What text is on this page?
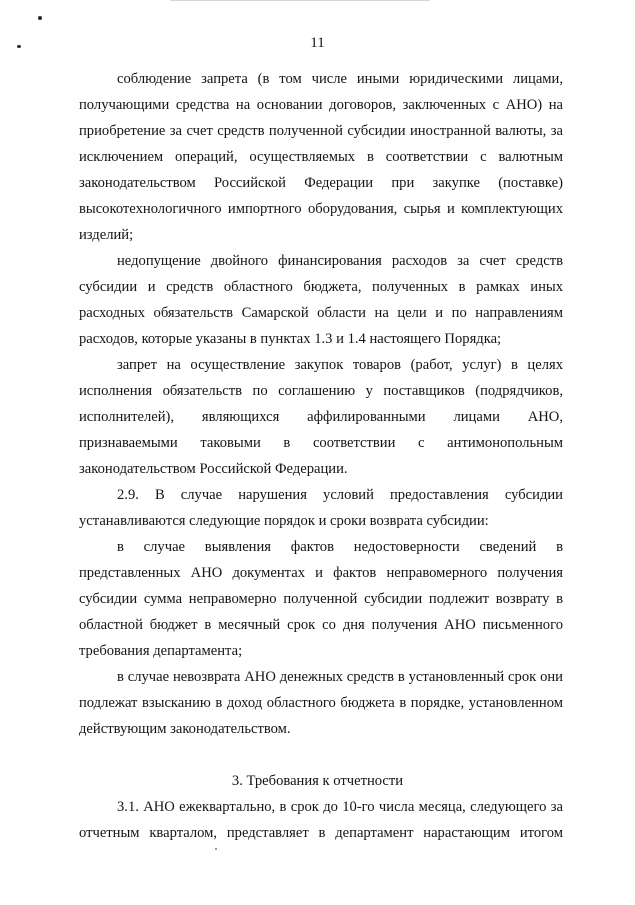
11

соблюдение запрета (в том числе иными юридическими лицами, получающими средства на основании договоров, заключенных с АНО) на приобретение за счет средств полученной субсидии иностранной валюты, за исключением операций, осуществляемых в соответствии с валютным законодательством Российской Федерации при закупке (поставке) высокотехнологичного импортного оборудования, сырья и комплектующих изделий;

недопущение двойного финансирования расходов за счет средств субсидии и средств областного бюджета, полученных в рамках иных расходных обязательств Самарской области на цели и по направлениям расходов, которые указаны в пунктах 1.3 и 1.4 настоящего Порядка;

запрет на осуществление закупок товаров (работ, услуг) в целях исполнения обязательств по соглашению у поставщиков (подрядчиков, исполнителей), являющихся аффилированными лицами АНО, признаваемыми таковыми в соответствии с антимонопольным законодательством Российской Федерации.

2.9. В случае нарушения условий предоставления субсидии устанавливаются следующие порядок и сроки возврата субсидии:

в случае выявления фактов недостоверности сведений в представленных АНО документах и фактов неправомерного получения субсидии сумма неправомерно полученной субсидии подлежит возврату в областной бюджет в месячный срок со дня получения АНО письменного требования департамента;

в случае невозврата АНО денежных средств в установленный срок они подлежат взысканию в доход областного бюджета в порядке, установленном действующим законодательством.

3. Требования к отчетности

3.1. АНО ежеквартально, в срок до 10-го числа месяца, следующего за отчетным кварталом, представляет в департамент нарастающим итогом
